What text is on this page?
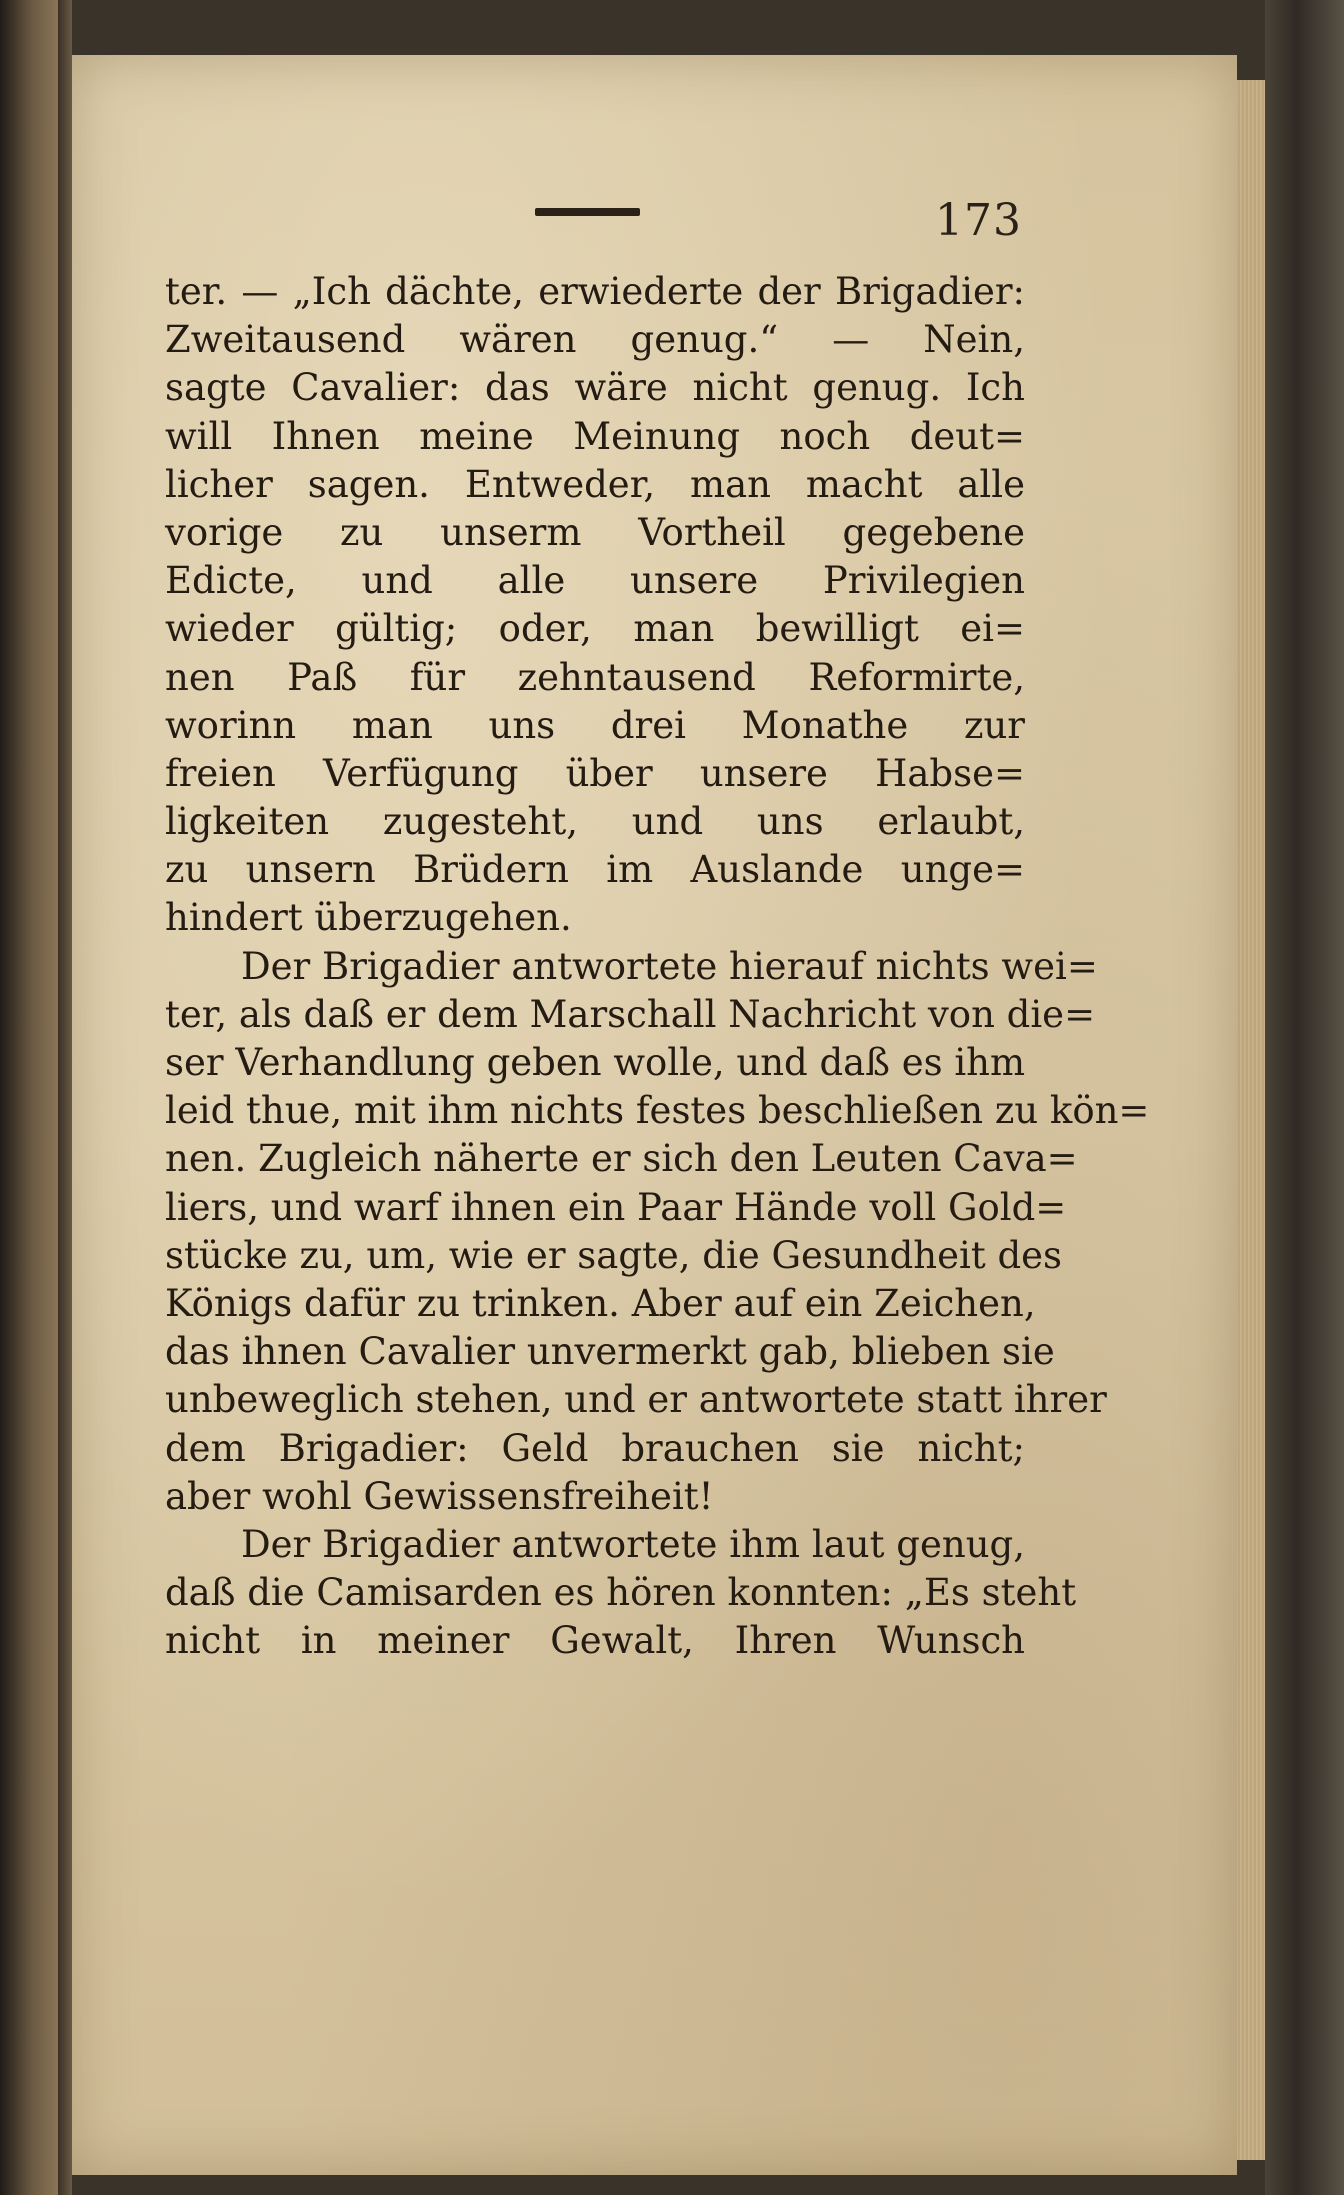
173
ter. — „Ich dächte, erwiederte der Brigadier:
Zweitausend wären genug.“ — Nein,
sagte Cavalier: das wäre nicht genug. Ich
will Ihnen meine Meinung noch deut=
licher sagen. Entweder, man macht alle
vorige zu unserm Vortheil gegebene
Edicte, und alle unsere Privilegien
wieder gültig; oder, man bewilligt ei=
nen Paß für zehntausend Reformirte,
worinn man uns drei Monathe zur
freien Verfügung über unsere Habse=
ligkeiten zugesteht, und uns erlaubt,
zu unsern Brüdern im Auslande unge=
hindert überzugehen.
Der Brigadier antwortete hierauf nichts wei=
ter, als daß er dem Marschall Nachricht von die=
ser Verhandlung geben wolle, und daß es ihm
leid thue, mit ihm nichts festes beschließen zu kön=
nen. Zugleich näherte er sich den Leuten Cava=
liers, und warf ihnen ein Paar Hände voll Gold=
stücke zu, um, wie er sagte, die Gesundheit des
Königs dafür zu trinken. Aber auf ein Zeichen,
das ihnen Cavalier unvermerkt gab, blieben sie
unbeweglich stehen, und er antwortete statt ihrer
dem Brigadier: Geld brauchen sie nicht;
aber wohl Gewissensfreiheit!
Der Brigadier antwortete ihm laut genug,
daß die Camisarden es hören konnten: „Es steht
nicht in meiner Gewalt, Ihren Wunsch
